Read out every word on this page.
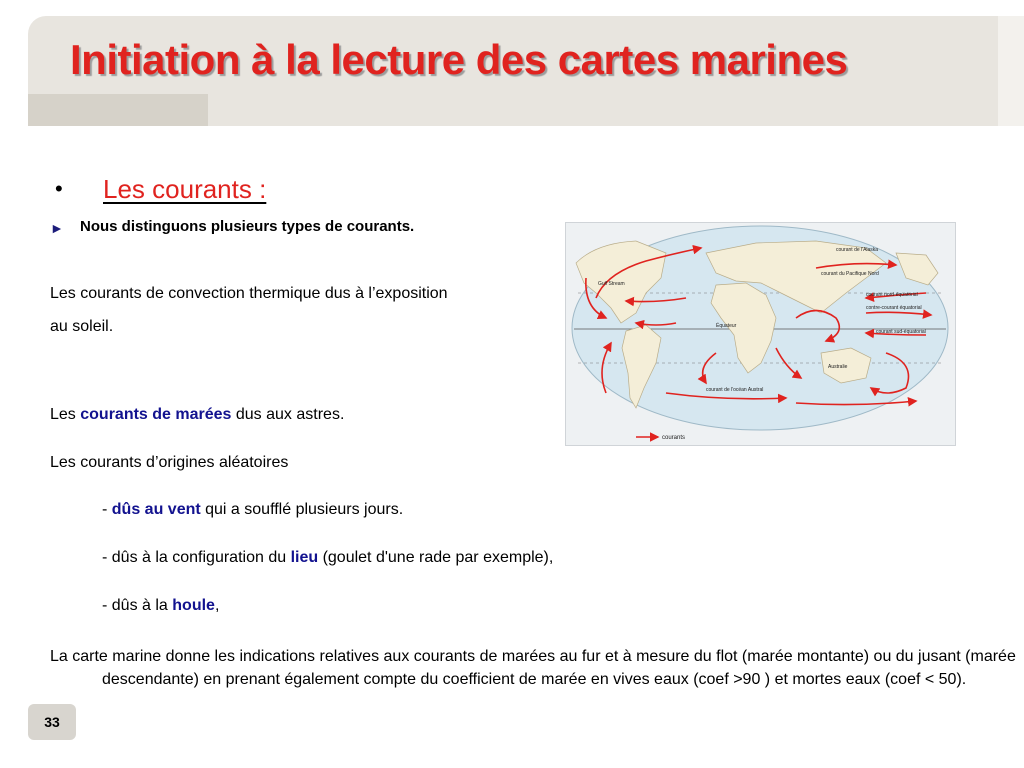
Initiation à la lecture des cartes marines
• Les courants :
► Nous distinguons plusieurs types de courants.
Les courants de convection thermique dus à l’exposition
au soleil.
Les courants de marées dus aux astres.
Les courants d’origines aléatoires
- dûs au vent qui a soufflé plusieurs jours.
- dûs à la configuration du lieu (goulet d'une rade par exemple),
- dûs à la houle,
Gulf Stream
courant nord-équatorial
contre-courant équatorial
Équateur
courant sud-équatorial
courant de l'Alaska
courant du Pacifique Nord
courant de l'océan Austral
Australie
courants
La carte marine donne les indications relatives aux courants de marées au fur et à mesure du flot (marée montante) ou du jusant (marée descendante) en prenant également compte du coefficient de marée en vives eaux (coef >90 ) et mortes eaux (coef < 50).
33
